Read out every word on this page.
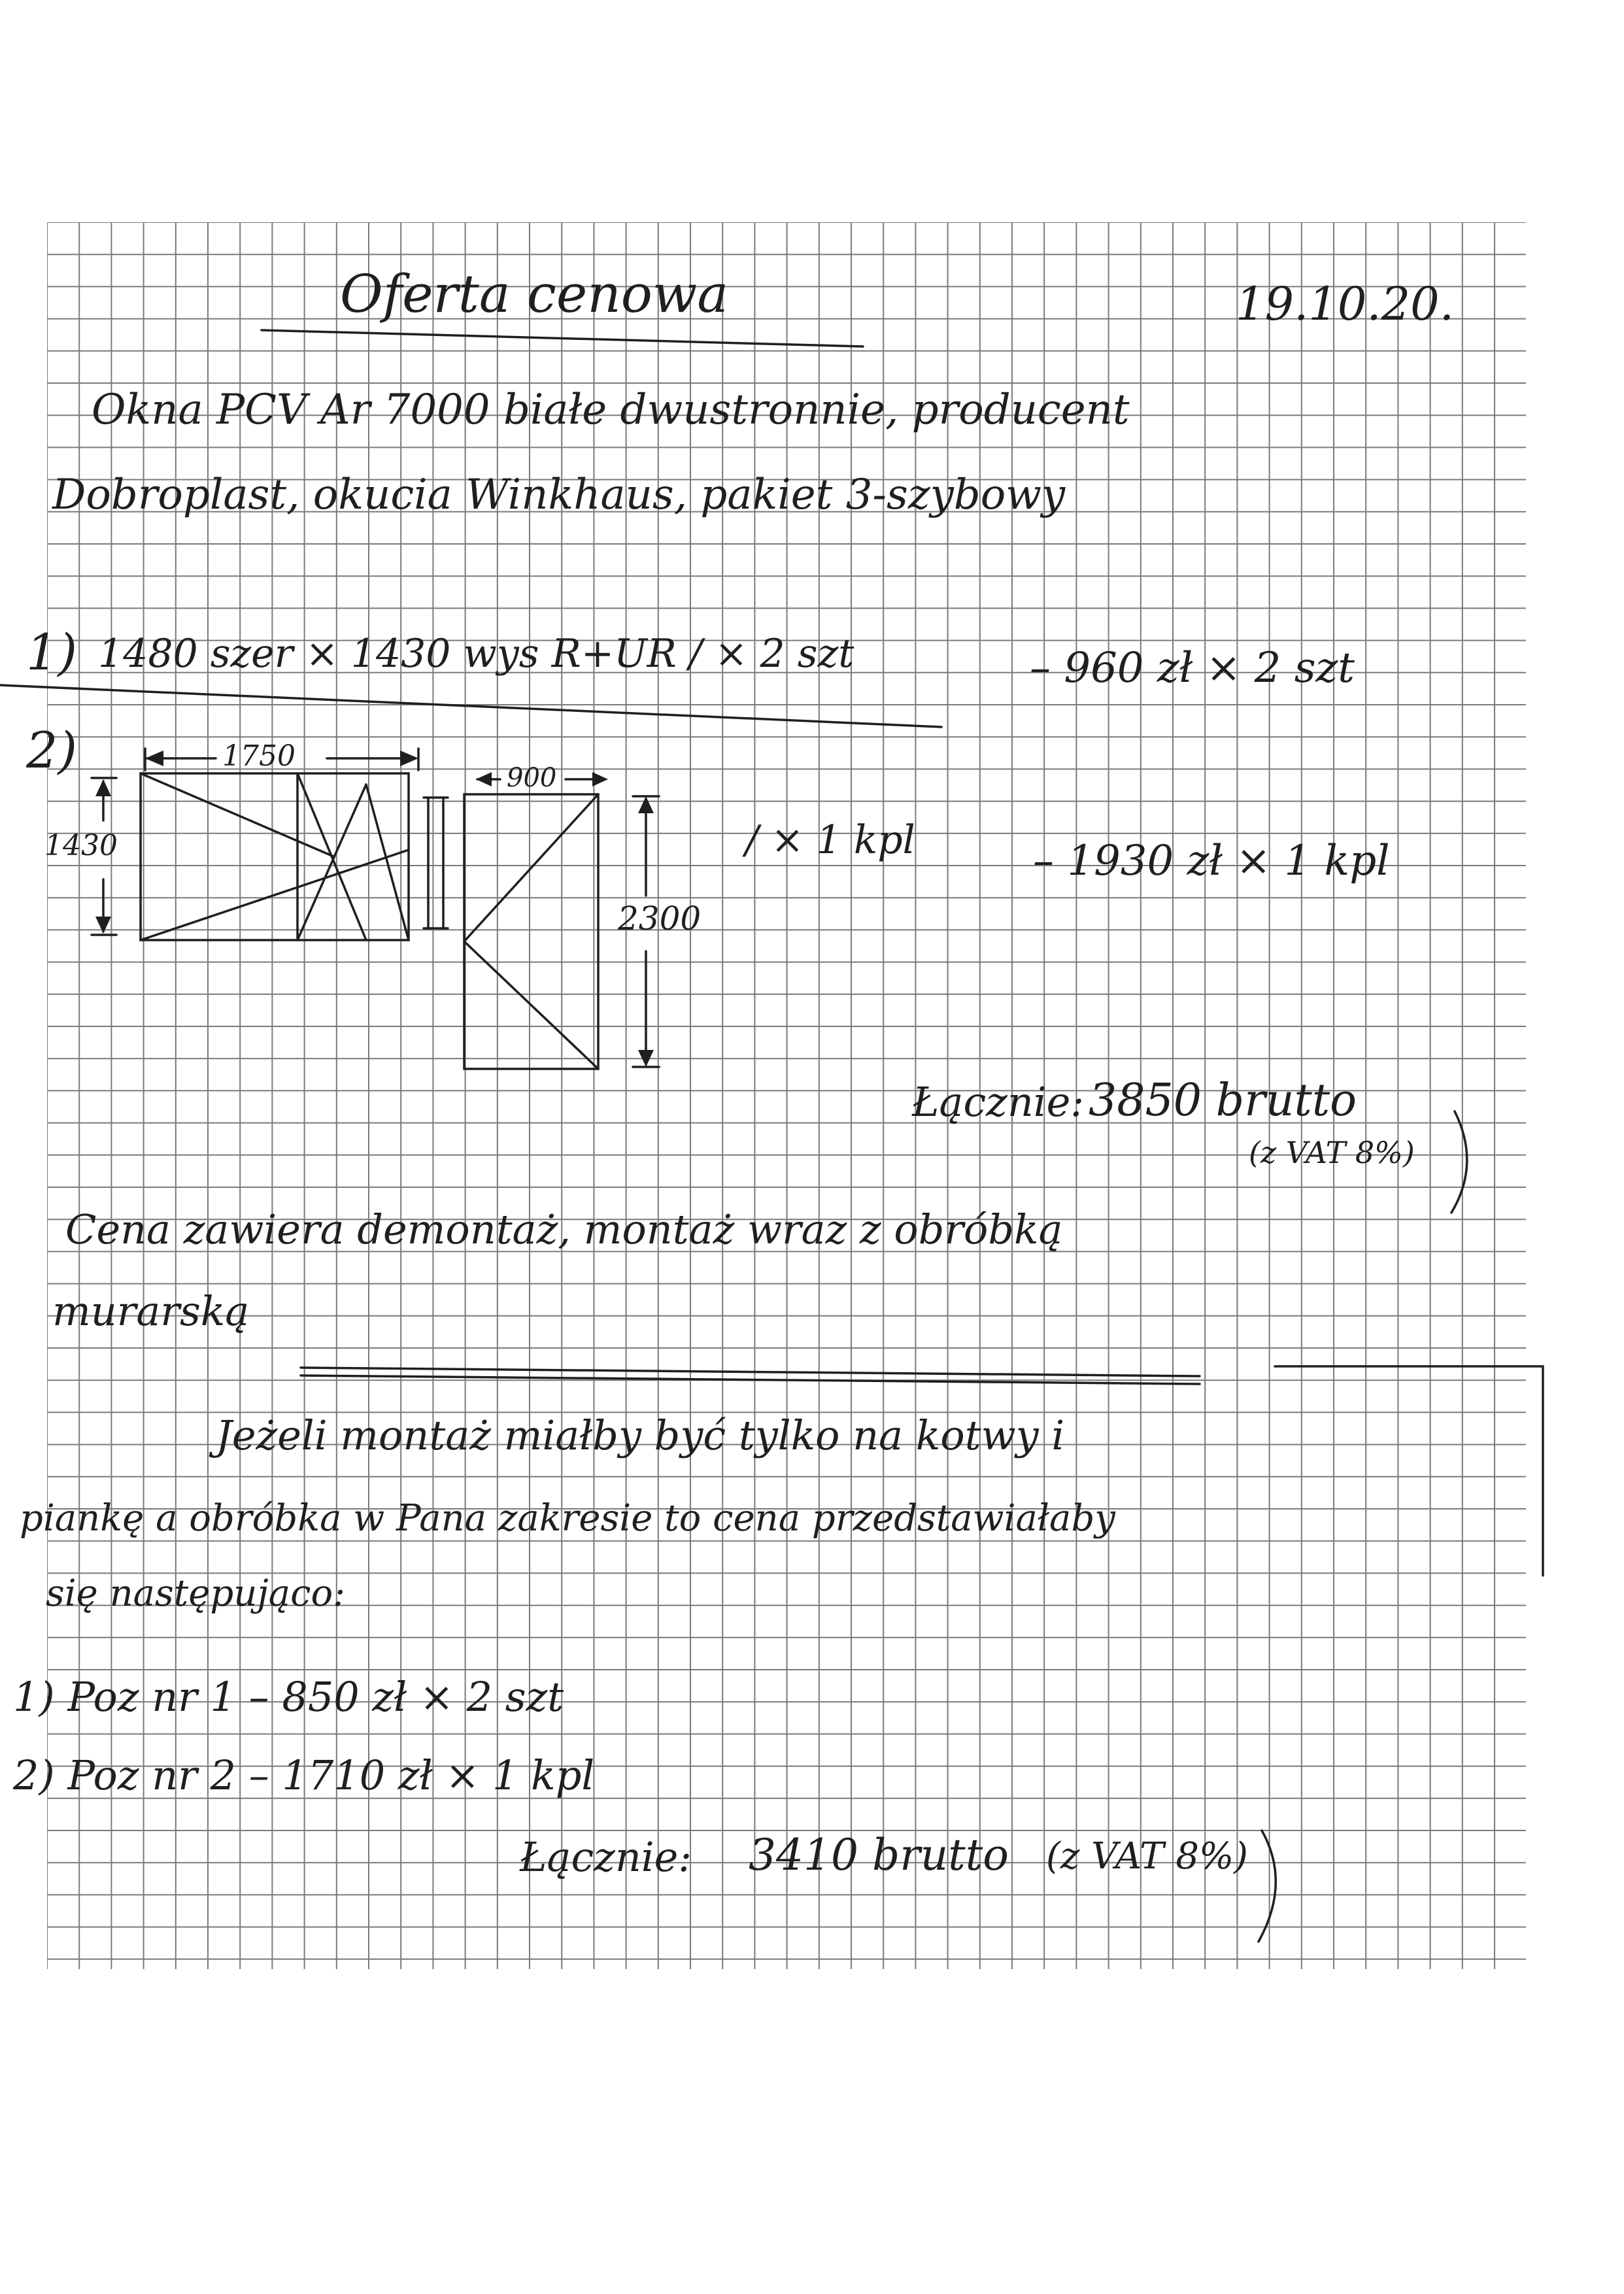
Oferta cenowa	19.10.20.
Okna PCV Ar 7000 białe dwustronnie, producent
Dobroplast, okucia Winkhaus, pakiet 3-szybowy
1) 1480 szer × 1430 wys R+UR / × 2 szt	– 960 zł × 2 szt
2)	1750
1430
900
2300
/ × 1 kpl	– 1930 zł × 1 kpl
Łącznie: 3850 brutto
(z VAT 8%)
Cena zawiera demontaż, montaż wraz z obróbką
murarską
Jeżeli montaż miałby być tylko na kotwy i
piankę a obróbka w Pana zakresie to cena przedstawiałaby
się następująco:
1) Poz nr 1 – 850 zł × 2 szt
2) Poz nr 2 – 1710 zł × 1 kpl
Łącznie: 3410 brutto (z VAT 8%)
